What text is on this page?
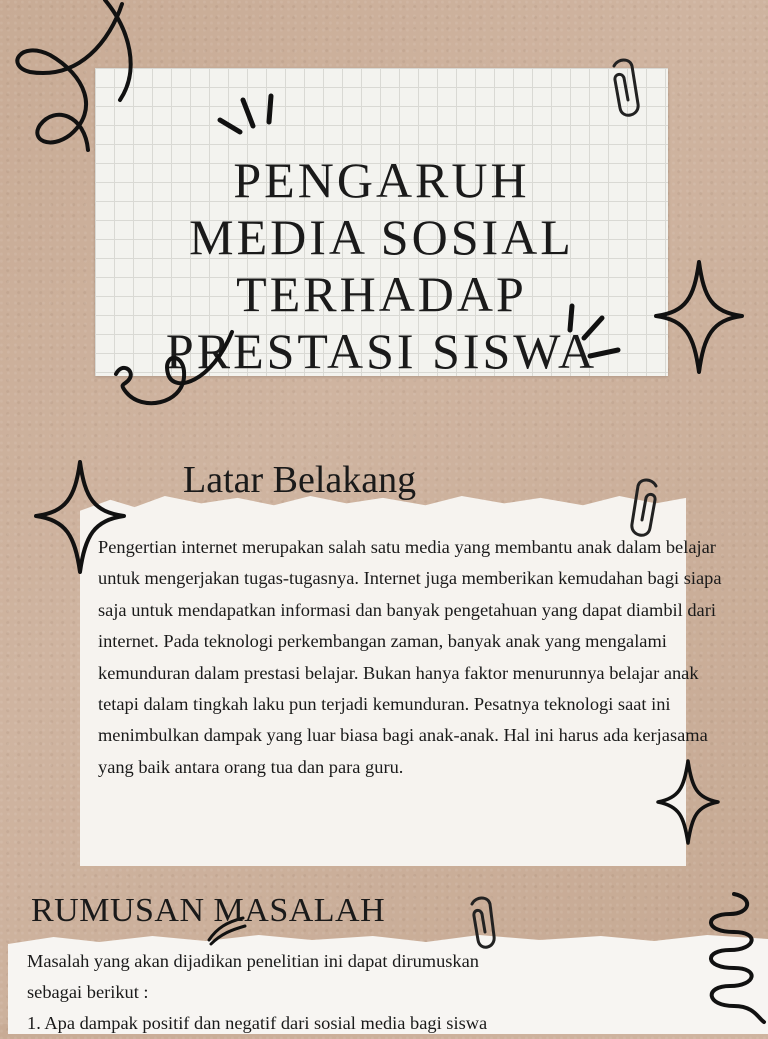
PENGARUH
MEDIA SOSIAL
TERHADAP
PRESTASI SISWA
Latar Belakang

Pengertian internet merupakan salah satu media yang membantu anak dalam belajar untuk mengerjakan tugas-tugasnya. Internet juga memberikan kemudahan bagi siapa saja untuk mendapatkan informasi dan banyak pengetahuan yang dapat diambil dari internet. Pada teknologi perkembangan zaman, banyak anak yang mengalami kemunduran dalam prestasi belajar. Bukan hanya faktor menurunnya belajar anak tetapi dalam tingkah laku pun terjadi kemunduran. Pesatnya teknologi saat ini menimbulkan dampak yang luar biasa bagi anak-anak. Hal ini harus ada kerjasama yang baik antara orang tua dan para guru.

RUMUSAN MASALAH

Masalah yang akan dijadikan penelitian ini dapat dirumuskan
sebagai berikut :
1. Apa dampak positif dan negatif dari sosial media bagi siswa
